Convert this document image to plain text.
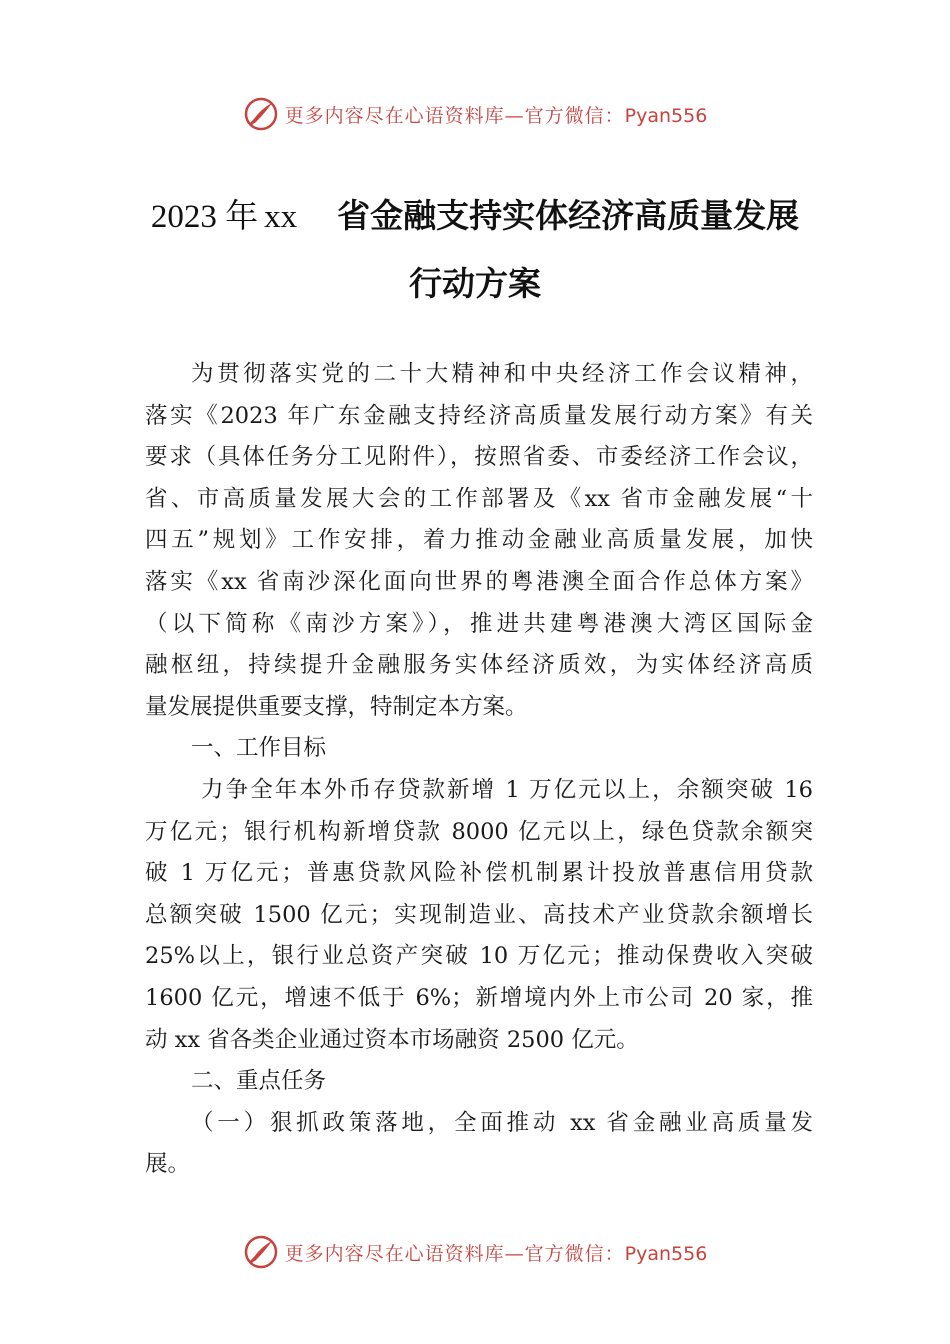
更多内容尽在心语资料库—官方微信：Pyan556
2023 年 xx 省金融支持实体经济高质量发展
行动方案
为贯彻落实党的二十大精神和中央经济工作会议精神，
落实《2023 年广东金融支持经济高质量发展行动方案》有关
要求（具体任务分工见附件），按照省委、市委经济工作会议，
省、市高质量发展大会的工作部署及《xx 省市金融发展“十
四五”规划》工作安排，着力推动金融业高质量发展，加快
落实《xx 省南沙深化面向世界的粤港澳全面合作总体方案》
（以下简称《南沙方案》），推进共建粤港澳大湾区国际金
融枢纽，持续提升金融服务实体经济质效，为实体经济高质
量发展提供重要支撑，特制定本方案。
一、工作目标
力争全年本外币存贷款新增 1 万亿元以上，余额突破 16
万亿元；银行机构新增贷款 8000 亿元以上，绿色贷款余额突
破 1 万亿元；普惠贷款风险补偿机制累计投放普惠信用贷款
总额突破 1500 亿元；实现制造业、高技术产业贷款余额增长
25%以上，银行业总资产突破 10 万亿元；推动保费收入突破
1600 亿元，增速不低于 6%；新增境内外上市公司 20 家，推
动 xx 省各类企业通过资本市场融资 2500 亿元。
二、重点任务
（一）狠抓政策落地，全面推动 xx 省金融业高质量发
展。
更多内容尽在心语资料库—官方微信：Pyan556
